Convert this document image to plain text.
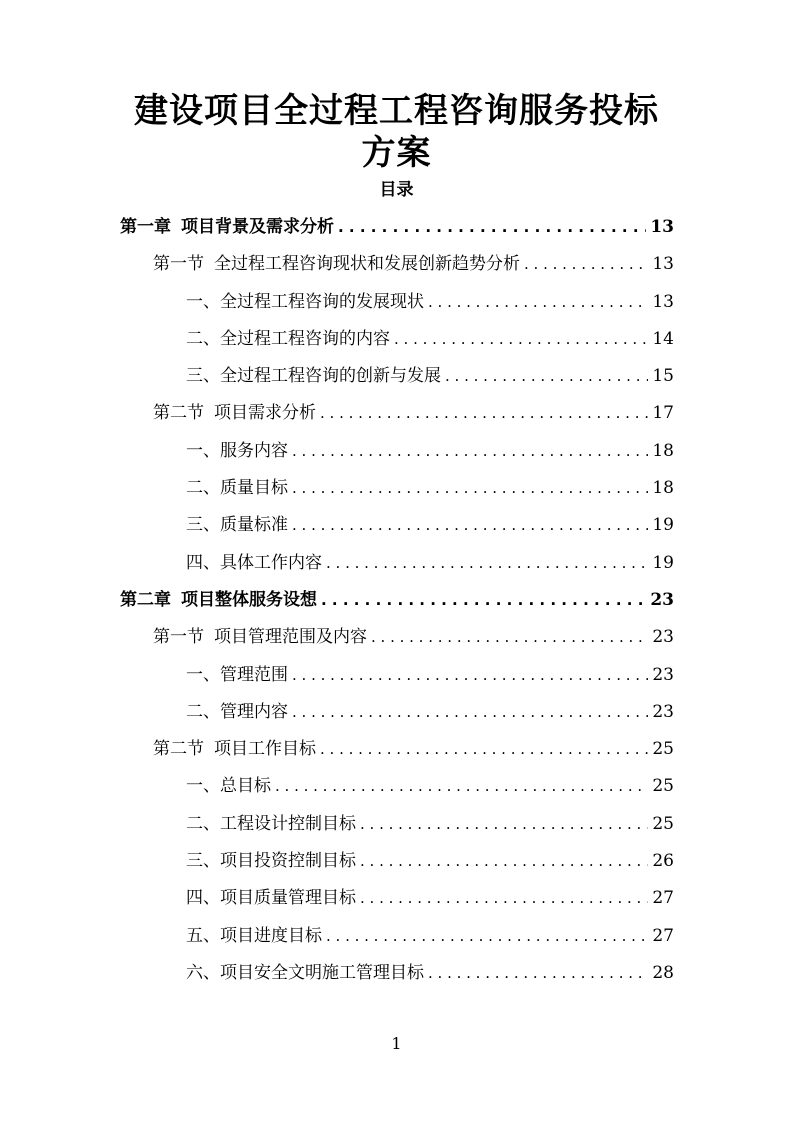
建设项目全过程工程咨询服务投标
方案
目录
第一章 项目背景及需求分析 . . .	13
第一节 全过程工程咨询现状和发展创新趋势分析 . . .	13
一、全过程工程咨询的发展现状 . . .	13
二、全过程工程咨询的内容 . . .	14
三、全过程工程咨询的创新与发展 . . .	15
第二节 项目需求分析 . . .	17
一、服务内容 . . .	18
二、质量目标 . . .	18
三、质量标准 . . .	19
四、具体工作内容 . . .	19
第二章 项目整体服务设想 . . .	23
第一节 项目管理范围及内容 . . .	23
一、管理范围 . . .	23
二、管理内容 . . .	23
第二节 项目工作目标 . . .	25
一、总目标 . . .	25
二、工程设计控制目标 . . .	25
三、项目投资控制目标 . . .	26
四、项目质量管理目标 . . .	27
五、项目进度目标 . . .	27
六、项目安全文明施工管理目标 . . .	28
1
